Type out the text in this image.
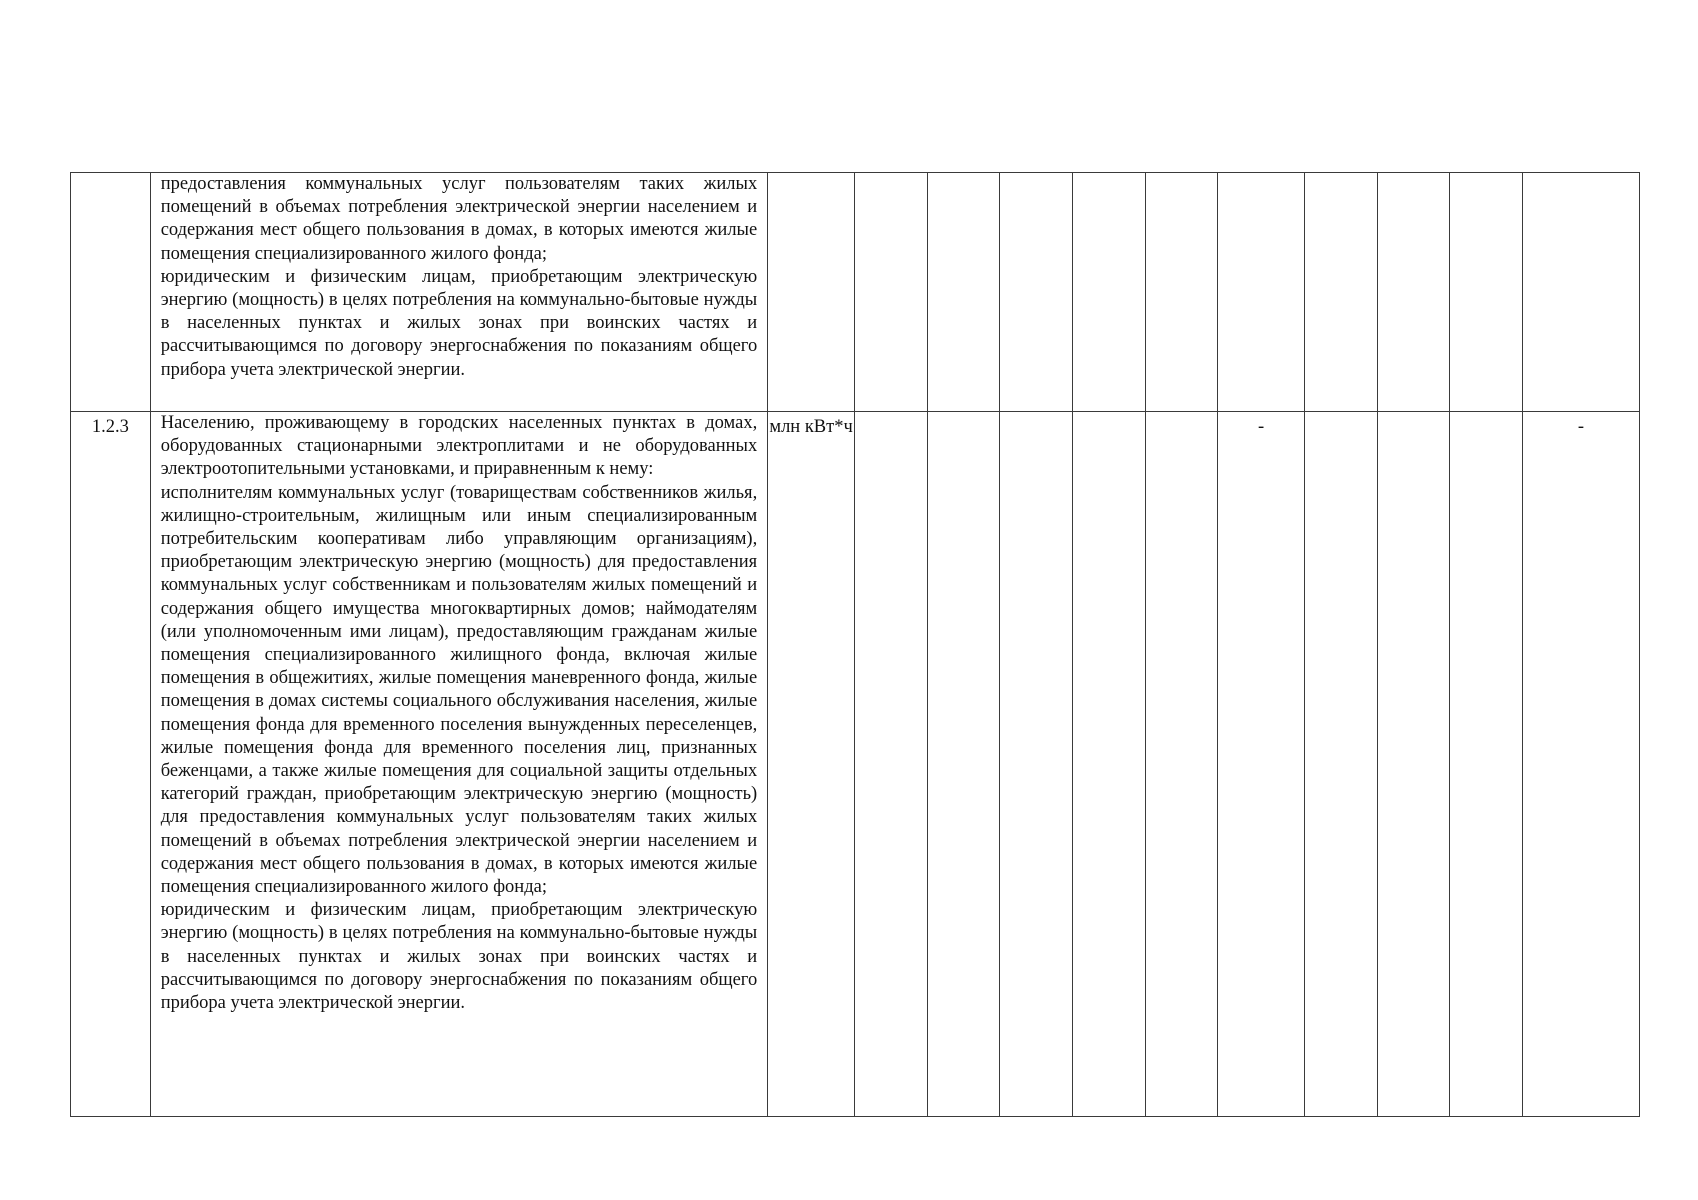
	предоставления коммунальных услуг пользователям таких жилых помещений в объемах потребления электрической энергии населением и содержания мест общего пользования в домах, в которых имеются жилые помещения специализированного жилого фонда;

юридическим и физическим лицам, приобретающим электрическую энергию (мощность) в целях потребления на коммунально-бытовые нужды в населенных пунктах и жилых зонах при воинских частях и рассчитывающимся по договору энергоснабжения по показаниям общего прибора учета электрической энергии.											

1.2.3	Населению, проживающему в городских населенных пунктах в домах, оборудованных стационарными электроплитами и не оборудованных электроотопительными установками, и приравненным к нему:

исполнителям коммунальных услуг (товариществам собственников жилья, жилищно-строительным, жилищным или иным специализированным потребительским кооперативам либо управляющим организациям), приобретающим электрическую энергию (мощность) для предоставления коммунальных услуг собственникам и пользователям жилых помещений и содержания общего имущества многоквартирных домов; наймодателям (или уполномоченным ими лицам), предоставляющим гражданам жилые помещения специализированного жилищного фонда, включая жилые помещения в общежитиях, жилые помещения маневренного фонда, жилые помещения в домах системы социального обслуживания населения, жилые помещения фонда для временного поселения вынужденных переселенцев, жилые помещения фонда для временного поселения лиц, признанных беженцами, а также жилые помещения для социальной защиты отдельных категорий граждан, приобретающим электрическую энергию (мощность) для предоставления коммунальных услуг пользователям таких жилых помещений в объемах потребления электрической энергии населением и содержания мест общего пользования в домах, в которых имеются жилые помещения специализированного жилого фонда;

юридическим и физическим лицам, приобретающим электрическую энергию (мощность) в целях потребления на коммунально-бытовые нужды в населенных пунктах и жилых зонах при воинских частях и рассчитывающимся по договору энергоснабжения по показаниям общего прибора учета электрической энергии.	млн кВт*ч						-				-
